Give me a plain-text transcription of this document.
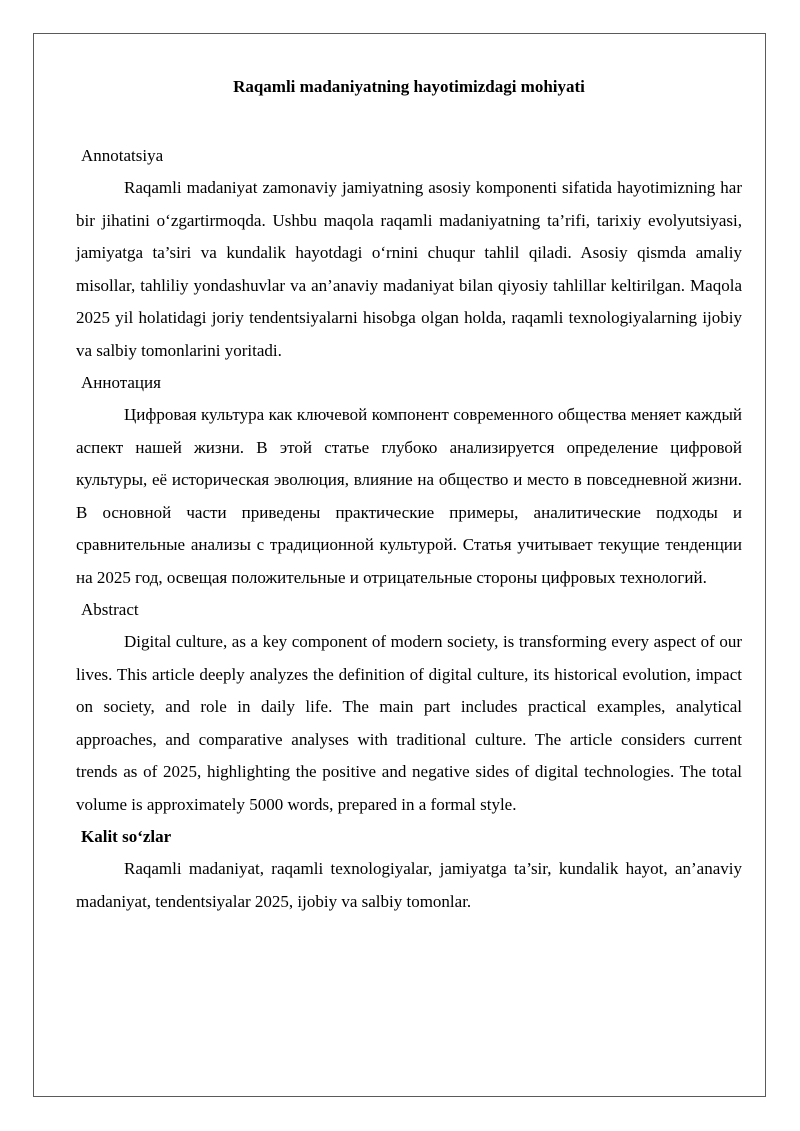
Raqamli madaniyatning hayotimizdagi mohiyati

Annotatsiya

Raqamli madaniyat zamonaviy jamiyatning asosiy komponenti sifatida hayotimizning har bir jihatini o‘zgartirmoqda. Ushbu maqola raqamli madaniyatning ta’rifi, tarixiy evolyutsiyasi, jamiyatga ta’siri va kundalik hayotdagi o‘rnini chuqur tahlil qiladi. Asosiy qismda amaliy misollar, tahliliy yondashuvlar va an’anaviy madaniyat bilan qiyosiy tahlillar keltirilgan. Maqola 2025 yil holatidagi joriy tendentsiyalarni hisobga olgan holda, raqamli texnologiyalarning ijobiy va salbiy tomonlarini yoritadi.

Аннотация

Цифровая культура как ключевой компонент современного общества меняет каждый аспект нашей жизни. В этой статье глубоко анализируется определение цифровой культуры, её историческая эволюция, влияние на общество и место в повседневной жизни. В основной части приведены практические примеры, аналитические подходы и сравнительные анализы с традиционной культурой. Статья учитывает текущие тенденции на 2025 год, освещая положительные и отрицательные стороны цифровых технологий.

Abstract

Digital culture, as a key component of modern society, is transforming every aspect of our lives. This article deeply analyzes the definition of digital culture, its historical evolution, impact on society, and role in daily life. The main part includes practical examples, analytical approaches, and comparative analyses with traditional culture. The article considers current trends as of 2025, highlighting the positive and negative sides of digital technologies. The total volume is approximately 5000 words, prepared in a formal style.

Kalit so‘zlar

Raqamli madaniyat, raqamli texnologiyalar, jamiyatga ta’sir, kundalik hayot, an’anaviy madaniyat, tendentsiyalar 2025, ijobiy va salbiy tomonlar.
